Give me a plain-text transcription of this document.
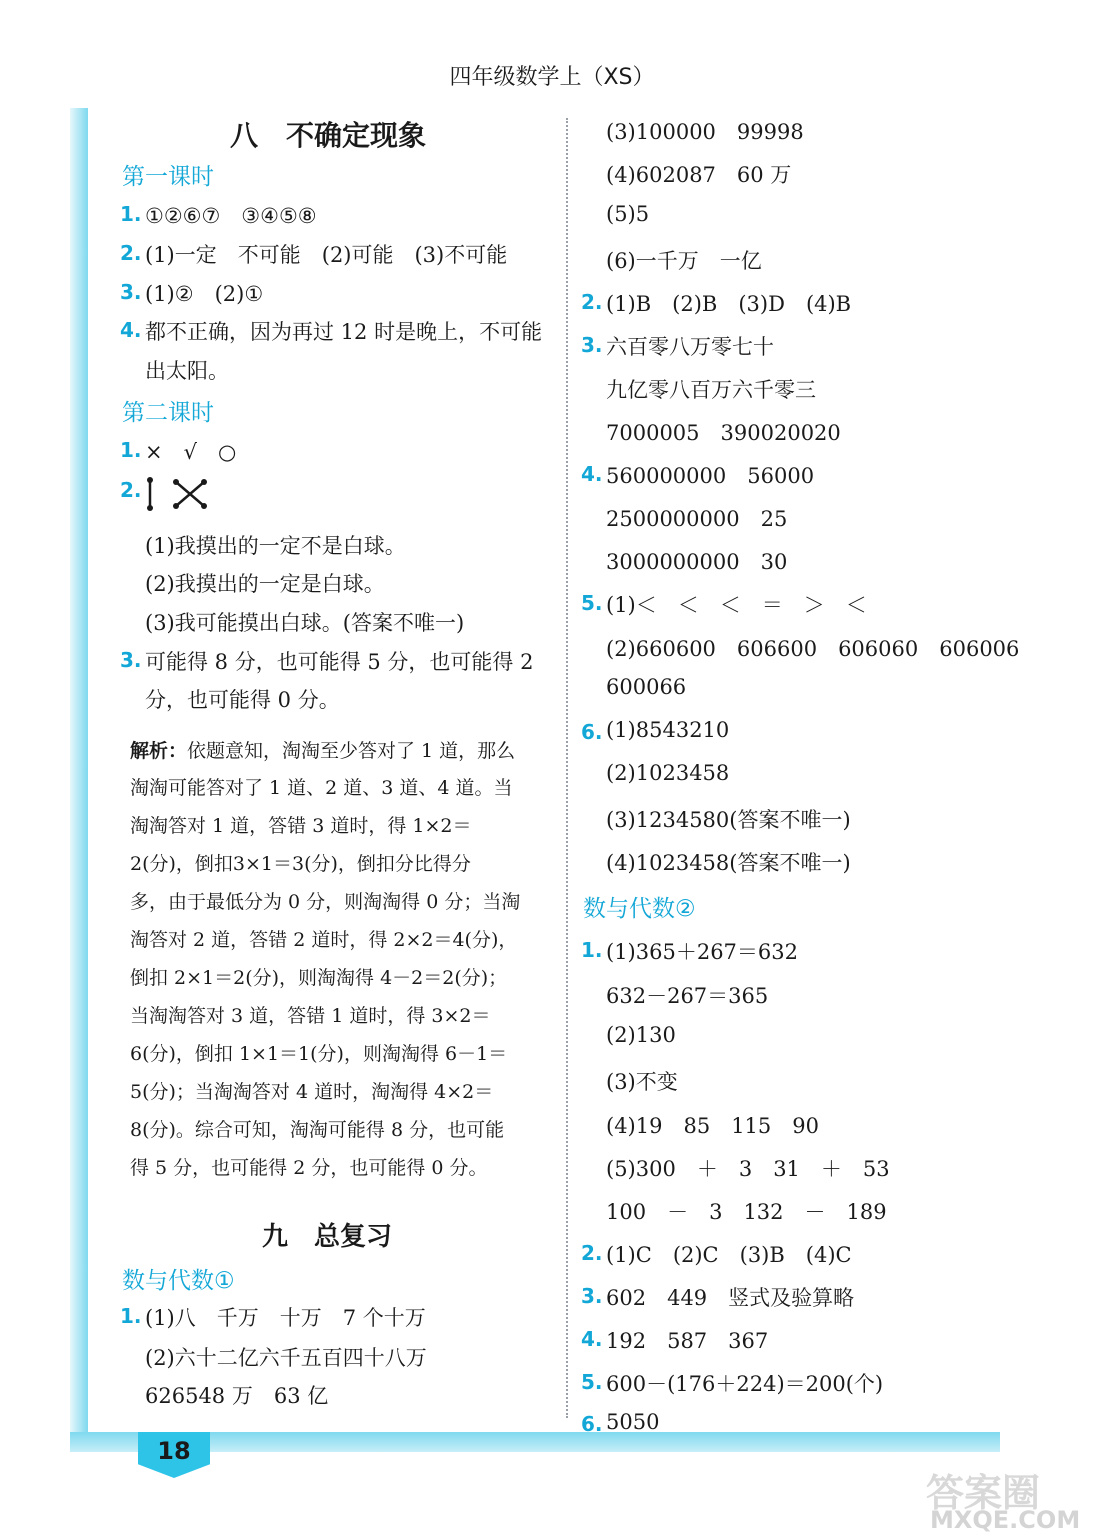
18
四年级数学上（XS）
八　不确定现象
第一课时
1. ①②⑥⑦　③④⑤⑧
2. (1)一定　不可能　(2)可能　(3)不可能
3. (1)②　(2)①
4. 都不正确，因为再过 12 时是晚上，不可能
出太阳。
第二课时
1. ×　√　○
2.
(1)我摸出的一定不是白球。
(2)我摸出的一定是白球。
(3)我可能摸出白球。(答案不唯一)
3. 可能得 8 分，也可能得 5 分，也可能得 2
分，也可能得 0 分。
解析：依题意知，淘淘至少答对了 1 道，那么
淘淘可能答对了 1 道、2 道、3 道、4 道。当
淘淘答对 1 道，答错 3 道时，得 1×2＝
2(分)，倒扣3×1＝3(分)，倒扣分比得分
多，由于最低分为 0 分，则淘淘得 0 分；当淘
淘答对 2 道，答错 2 道时，得 2×2＝4(分)，
倒扣 2×1＝2(分)，则淘淘得 4－2＝2(分)；
当淘淘答对 3 道，答错 1 道时，得 3×2＝
6(分)，倒扣 1×1＝1(分)，则淘淘得 6－1＝
5(分)；当淘淘答对 4 道时，淘淘得 4×2＝
8(分)。综合可知，淘淘可能得 8 分，也可能
得 5 分，也可能得 2 分，也可能得 0 分。
九　总复习
数与代数①
1. (1)八　千万　十万　7 个十万
(2)六十二亿六千五百四十八万
626548 万　63 亿
(3)100000　99998
(4)602087　60 万
(5)5
(6)一千万　一亿
2. (1)B　(2)B　(3)D　(4)B
3. 六百零八万零七十
九亿零八百万六千零三
7000005　390020020
4. 560000000　56000
2500000000　25
3000000000　30
5. (1)＜　＜　＜　＝　＞　＜
(2)660600　606600　606060　606006
600066
6. (1)8543210
(2)1023458
(3)1234580(答案不唯一)
(4)1023458(答案不唯一)
数与代数②
1. (1)365＋267＝632
632－267＝365
(2)130
(3)不变
(4)19　85　115　90
(5)300　＋　3　31　＋　53
100　－　3　132　－　189
2. (1)C　(2)C　(3)B　(4)C
3. 602　449　竖式及验算略
4. 192　587　367
5. 600－(176＋224)＝200(个)
6. 5050
答案圈
MXQE.COM
